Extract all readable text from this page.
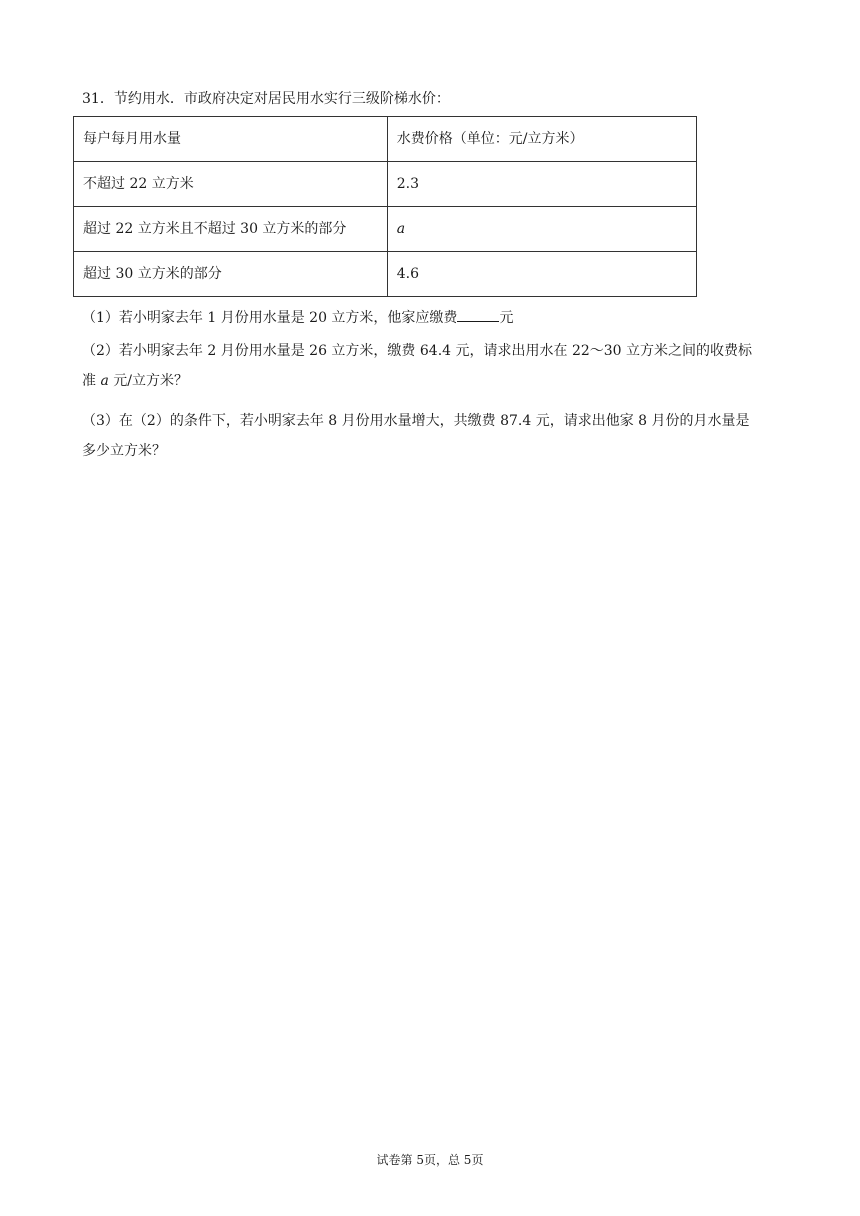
31．节约用水．市政府决定对居民用水实行三级阶梯水价：
每户每月用水量	水费价格（单位：元/立方米）
不超过 22 立方米	2.3
超过 22 立方米且不超过 30 立方米的部分	a
超过 30 立方米的部分	4.6
（1）若小明家去年 1 月份用水量是 20 立方米，他家应缴费	元
（2）若小明家去年 2 月份用水量是 26 立方米，缴费 64.4 元，请求出用水在 22～30 立方米之间的收费标
准 a 元/立方米？
（3）在（2）的条件下，若小明家去年 8 月份用水量增大，共缴费 87.4 元，请求出他家 8 月份的月水量是
多少立方米？
试卷第 5页，总 5页
